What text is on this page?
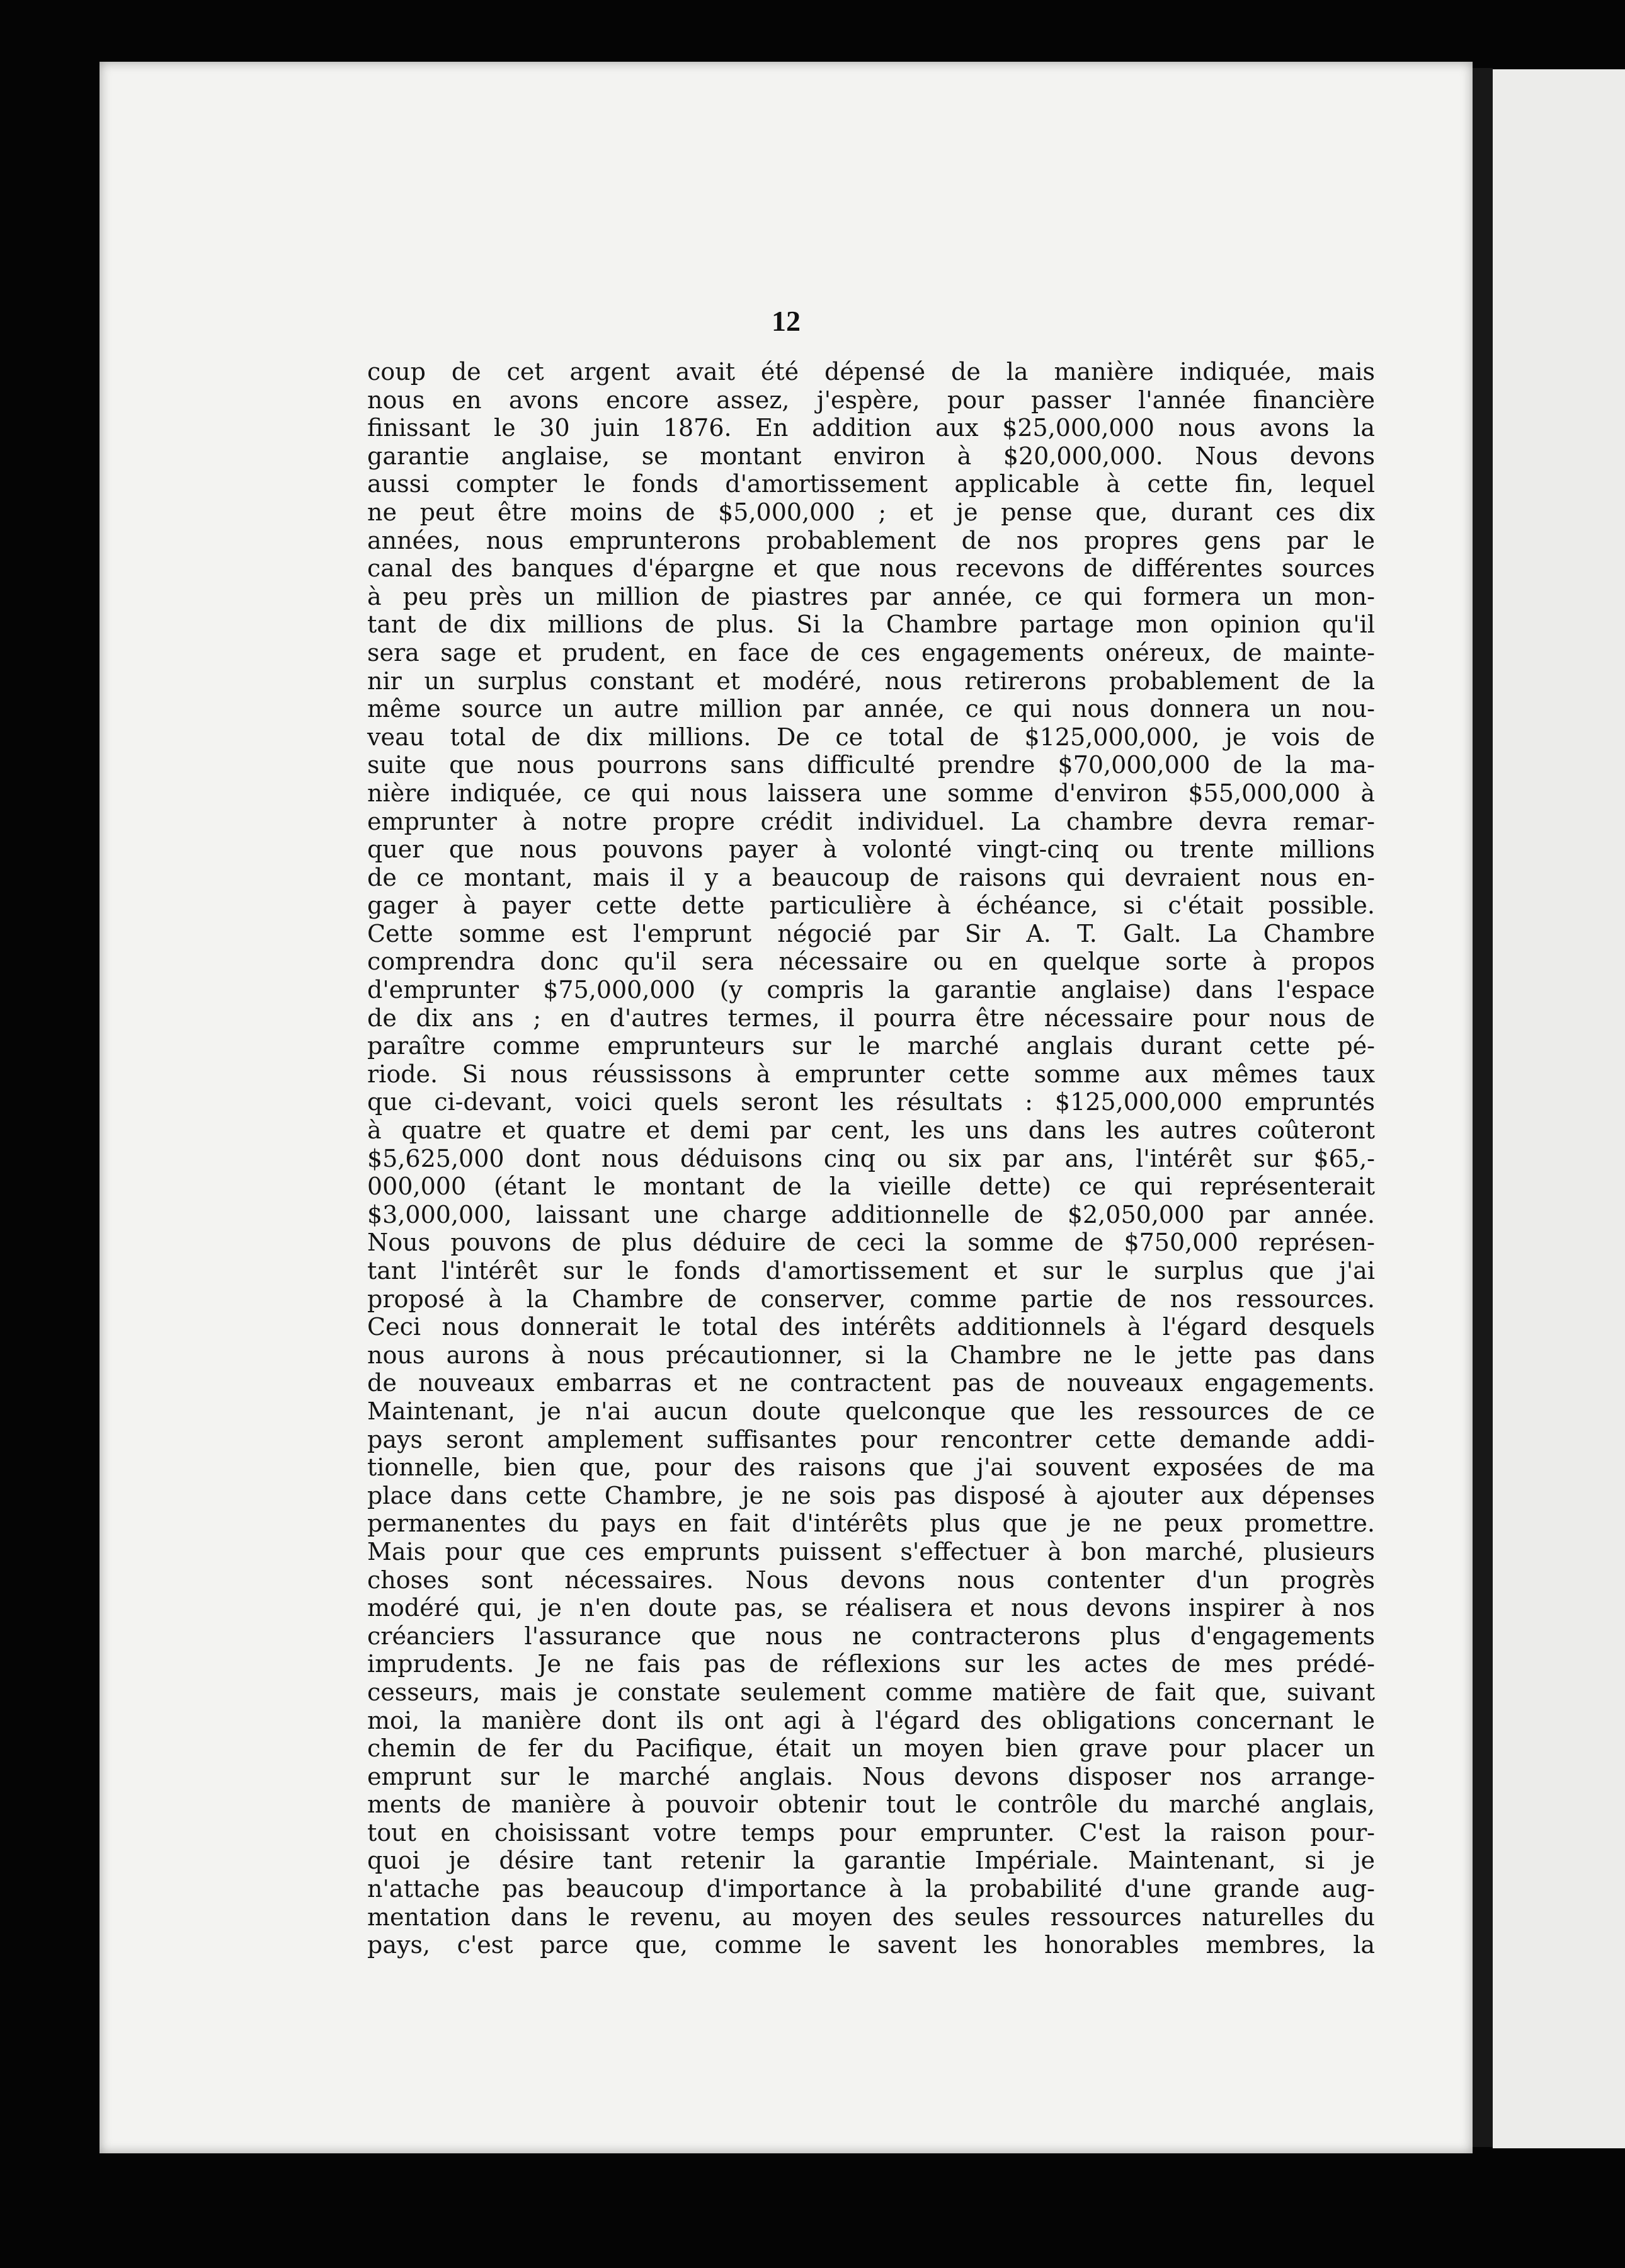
12

coup de cet argent avait été dépensé de la manière indiquée, mais
nous en avons encore assez, j'espère, pour passer l'année financière
finissant le 30 juin 1876. En addition aux $25,000,000 nous avons la
garantie anglaise, se montant environ à $20,000,000. Nous devons
aussi compter le fonds d'amortissement applicable à cette fin, lequel
ne peut être moins de $5,000,000 ; et je pense que, durant ces dix
années, nous emprunterons probablement de nos propres gens par le
canal des banques d'épargne et que nous recevons de différentes sources
à peu près un million de piastres par année, ce qui formera un mon-
tant de dix millions de plus. Si la Chambre partage mon opinion qu'il
sera sage et prudent, en face de ces engagements onéreux, de mainte-
nir un surplus constant et modéré, nous retirerons probablement de la
même source un autre million par année, ce qui nous donnera un nou-
veau total de dix millions. De ce total de $125,000,000, je vois de
suite que nous pourrons sans difficulté prendre $70,000,000 de la ma-
nière indiquée, ce qui nous laissera une somme d'environ $55,000,000 à
emprunter à notre propre crédit individuel. La chambre devra remar-
quer que nous pouvons payer à volonté vingt-cinq ou trente millions
de ce montant, mais il y a beaucoup de raisons qui devraient nous en-
gager à payer cette dette particulière à échéance, si c'était possible.
Cette somme est l'emprunt négocié par Sir A. T. Galt. La Chambre
comprendra donc qu'il sera nécessaire ou en quelque sorte à propos
d'emprunter $75,000,000 (y compris la garantie anglaise) dans l'espace
de dix ans ; en d'autres termes, il pourra être nécessaire pour nous de
paraître comme emprunteurs sur le marché anglais durant cette pé-
riode. Si nous réussissons à emprunter cette somme aux mêmes taux
que ci-devant, voici quels seront les résultats : $125,000,000 empruntés
à quatre et quatre et demi par cent, les uns dans les autres coûteront
$5,625,000 dont nous déduisons cinq ou six par ans, l'intérêt sur $65,-
000,000 (étant le montant de la vieille dette) ce qui représenterait
$3,000,000, laissant une charge additionnelle de $2,050,000 par année.
Nous pouvons de plus déduire de ceci la somme de $750,000 représen-
tant l'intérêt sur le fonds d'amortissement et sur le surplus que j'ai
proposé à la Chambre de conserver, comme partie de nos ressources.
Ceci nous donnerait le total des intérêts additionnels à l'égard desquels
nous aurons à nous précautionner, si la Chambre ne le jette pas dans
de nouveaux embarras et ne contractent pas de nouveaux engagements.
Maintenant, je n'ai aucun doute quelconque que les ressources de ce
pays seront amplement suffisantes pour rencontrer cette demande addi-
tionnelle, bien que, pour des raisons que j'ai souvent exposées de ma
place dans cette Chambre, je ne sois pas disposé à ajouter aux dépenses
permanentes du pays en fait d'intérêts plus que je ne peux promettre.
Mais pour que ces emprunts puissent s'effectuer à bon marché, plusieurs
choses sont nécessaires. Nous devons nous contenter d'un progrès
modéré qui, je n'en doute pas, se réalisera et nous devons inspirer à nos
créanciers l'assurance que nous ne contracterons plus d'engagements
imprudents. Je ne fais pas de réflexions sur les actes de mes prédé-
cesseurs, mais je constate seulement comme matière de fait que, suivant
moi, la manière dont ils ont agi à l'égard des obligations concernant le
chemin de fer du Pacifique, était un moyen bien grave pour placer un
emprunt sur le marché anglais. Nous devons disposer nos arrange-
ments de manière à pouvoir obtenir tout le contrôle du marché anglais,
tout en choisissant votre temps pour emprunter. C'est la raison pour-
quoi je désire tant retenir la garantie Impériale. Maintenant, si je
n'attache pas beaucoup d'importance à la probabilité d'une grande aug-
mentation dans le revenu, au moyen des seules ressources naturelles du
pays, c'est parce que, comme le savent les honorables membres, la
